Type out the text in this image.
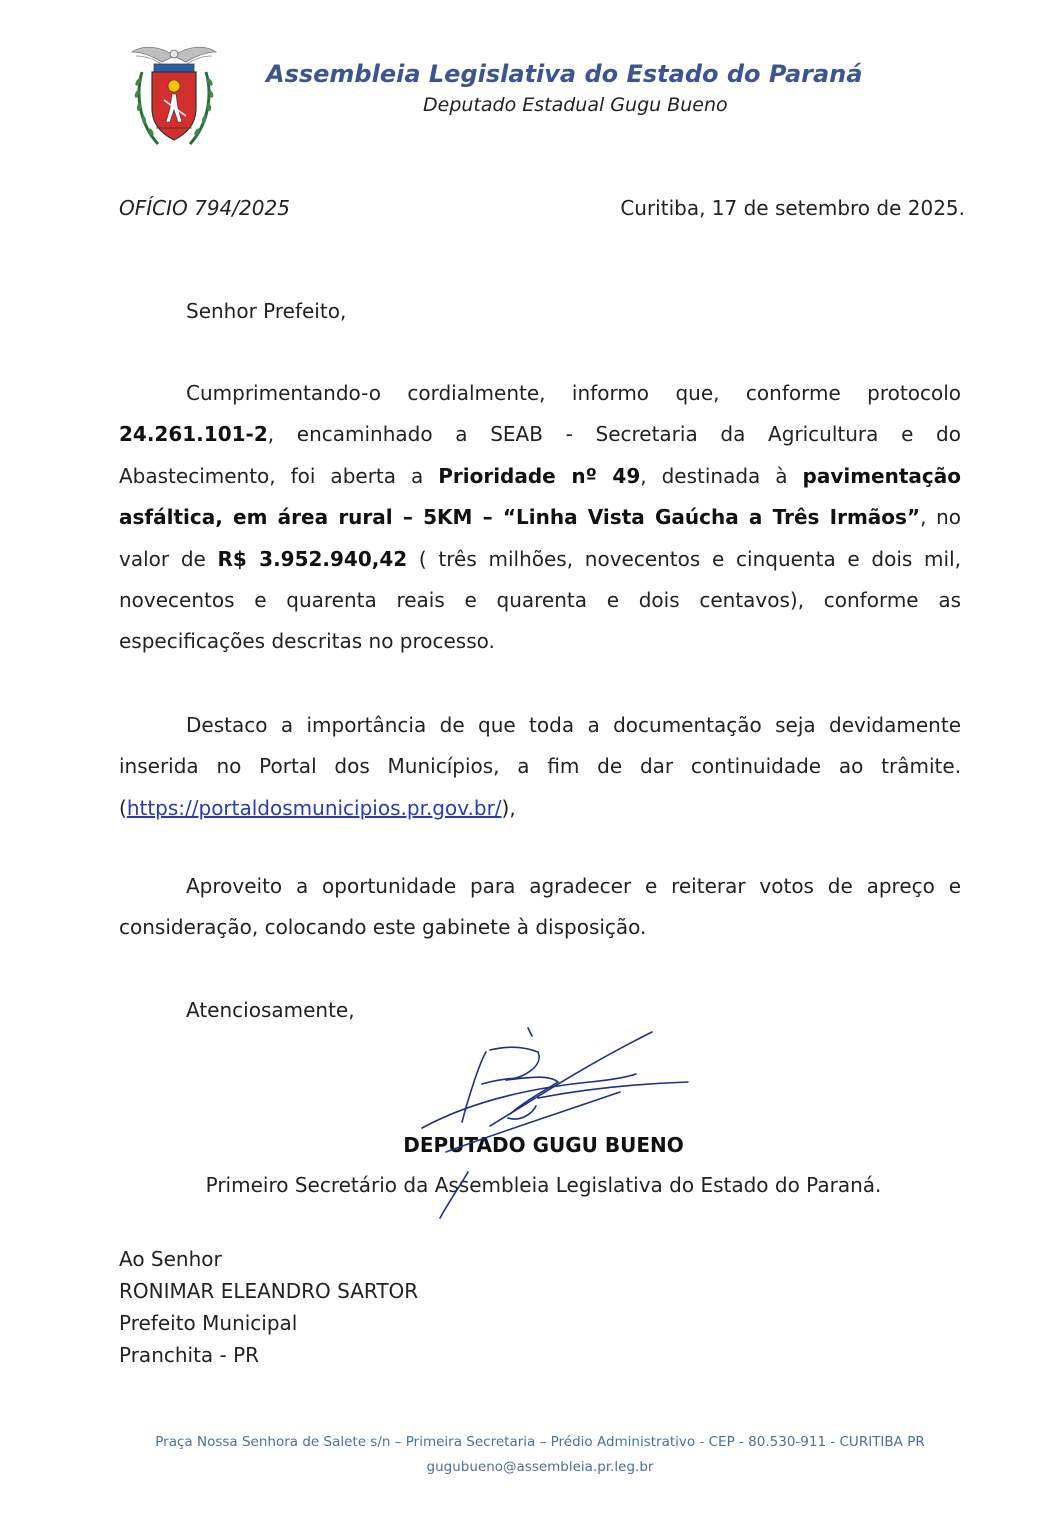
Assembleia Legislativa do Estado do Paraná
Deputado Estadual Gugu Bueno
OFÍCIO 794/2025	Curitiba, 17 de setembro de 2025.
Senhor Prefeito,
Cumprimentando-o cordialmente, informo que, conforme protocolo 24.261.101-2, encaminhado a SEAB - Secretaria da Agricultura e do Abastecimento, foi aberta a Prioridade nº 49, destinada à pavimentação asfáltica, em área rural – 5KM – “Linha Vista Gaúcha a Três Irmãos”, no valor de R$ 3.952.940,42 ( três milhões, novecentos e cinquenta e dois mil, novecentos e quarenta reais e quarenta e dois centavos), conforme as especificações descritas no processo.
Destaco a importância de que toda a documentação seja devidamente inserida no Portal dos Municípios, a fim de dar continuidade ao trâmite. (https://portaldosmunicipios.pr.gov.br/),
Aproveito a oportunidade para agradecer e reiterar votos de apreço e consideração, colocando este gabinete à disposição.
Atenciosamente,
DEPUTADO GUGU BUENO
Primeiro Secretário da Assembleia Legislativa do Estado do Paraná.
Ao Senhor
RONIMAR ELEANDRO SARTOR
Prefeito Municipal
Pranchita - PR
Praça Nossa Senhora de Salete s/n – Primeira Secretaria – Prédio Administrativo - CEP - 80.530-911 - CURITIBA PR
gugubueno@assembleia.pr.leg.br
